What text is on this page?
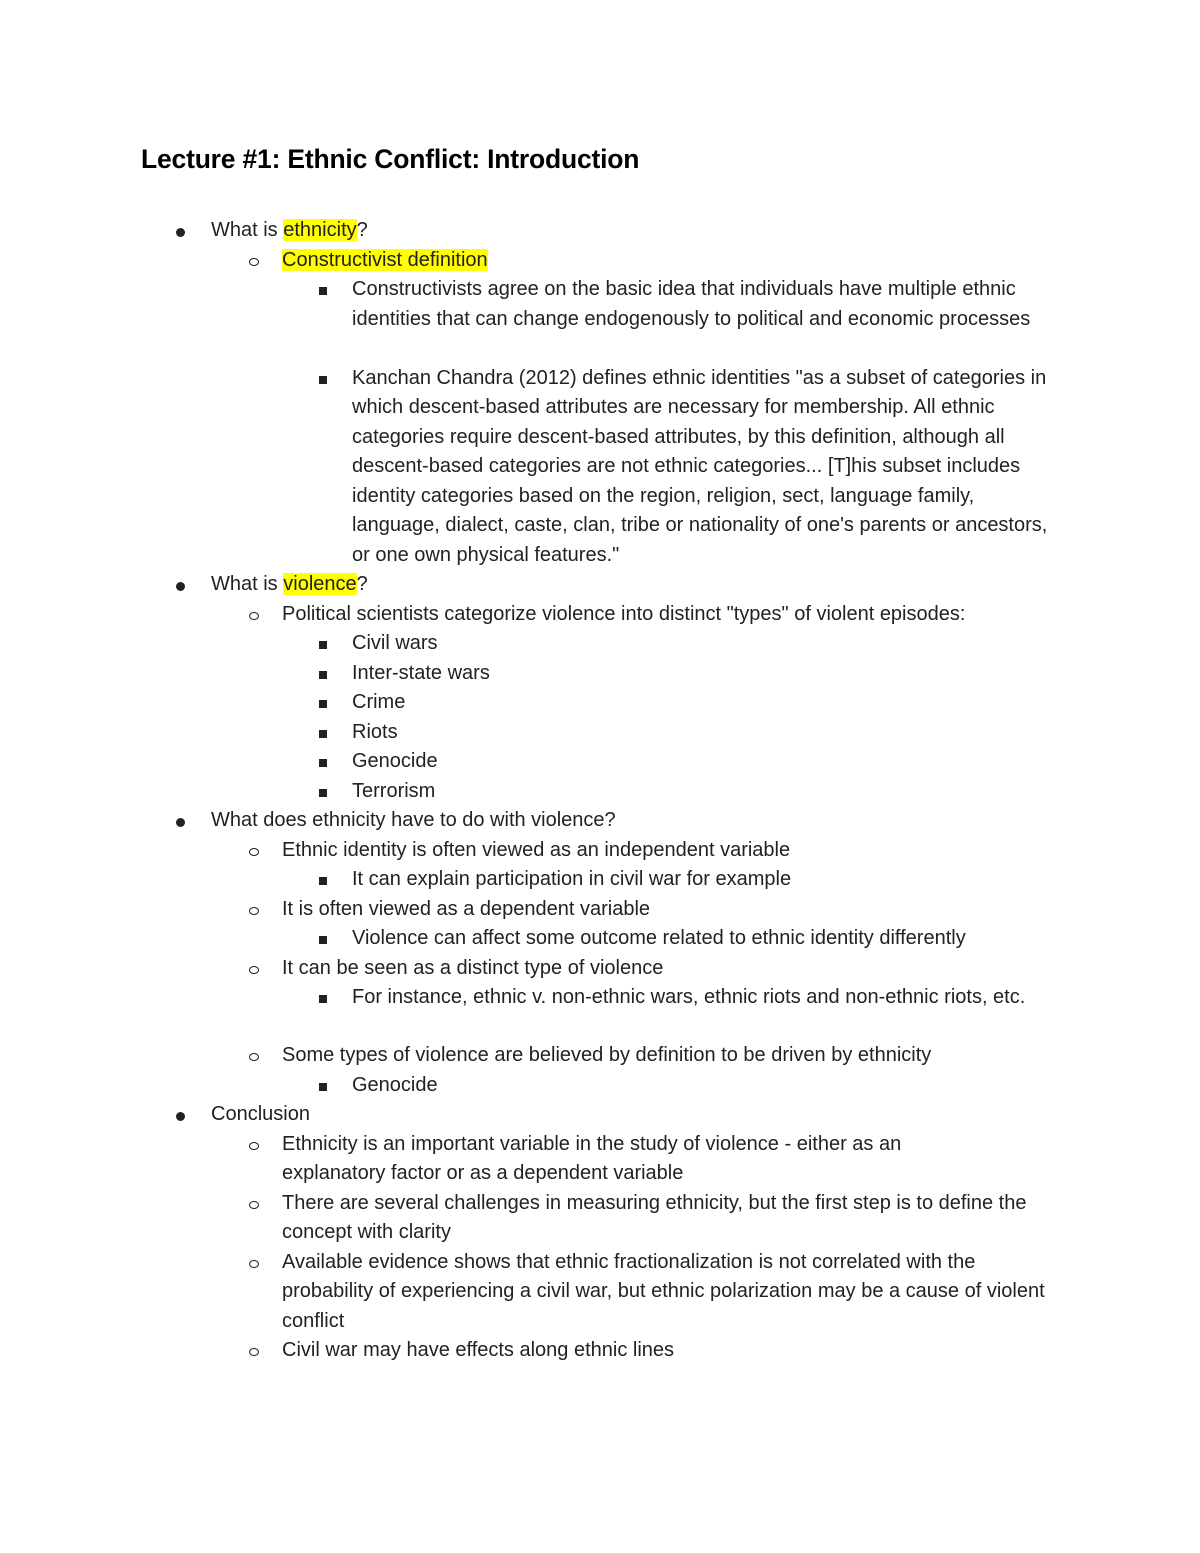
Lecture #1: Ethnic Conflict: Introduction
What is ethnicity?
Constructivist definition
Constructivists agree on the basic idea that individuals have multiple ethnic identities that can change endogenously to political and economic processes
Kanchan Chandra (2012) defines ethnic identities "as a subset of categories in which descent-based attributes are necessary for membership. All ethnic categories require descent-based attributes, by this definition, although all descent-based categories are not ethnic categories... [T]his subset includes identity categories based on the region, religion, sect, language family, language, dialect, caste, clan, tribe or nationality of one's parents or ancestors, or one own physical features."
What is violence?
Political scientists categorize violence into distinct "types" of violent episodes:
Civil wars
Inter-state wars
Crime
Riots
Genocide
Terrorism
What does ethnicity have to do with violence?
Ethnic identity is often viewed as an independent variable
It can explain participation in civil war for example
It is often viewed as a dependent variable
Violence can affect some outcome related to ethnic identity differently
It can be seen as a distinct type of violence
For instance, ethnic v. non-ethnic wars, ethnic riots and non-ethnic riots, etc.
Some types of violence are believed by definition to be driven by ethnicity
Genocide
Conclusion
Ethnicity is an important variable in the study of violence - either as an explanatory factor or as a dependent variable
There are several challenges in measuring ethnicity, but the first step is to define the concept with clarity
Available evidence shows that ethnic fractionalization is not correlated with the probability of experiencing a civil war, but ethnic polarization may be a cause of violent conflict
Civil war may have effects along ethnic lines
